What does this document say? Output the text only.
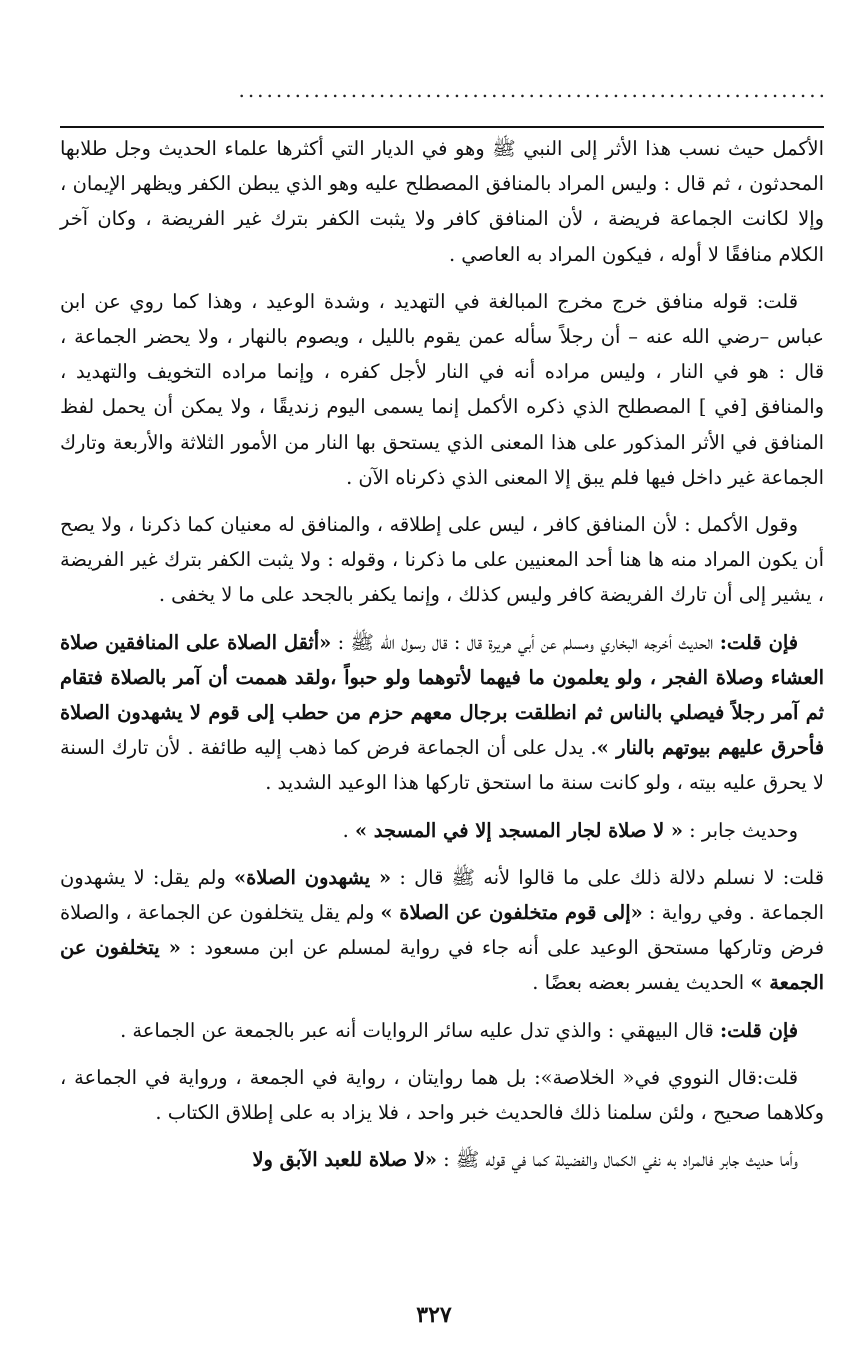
...............................................................

الأكمل حيث نسب هذا الأثر إلى النبي ﷺ وهو في الديار التي أكثرها علماء الحديث وجل طلابها المحدثون ، ثم قال : وليس المراد بالمنافق المصطلح عليه وهو الذي يبطن الكفر ويظهر الإيمان ، وإلا لكانت الجماعة فريضة ، لأن المنافق كافر ولا يثبت الكفر بترك غير الفريضة ، وكان آخر الكلام منافقًا لا أوله ، فيكون المراد به العاصي .

قلت: قوله منافق خرج مخرج المبالغة في التهديد ، وشدة الوعيد ، وهذا كما روي عن ابن عباس –رضي الله عنه – أن رجلاً سأله عمن يقوم بالليل ، ويصوم بالنهار ، ولا يحضر الجماعة ، قال : هو في النار ، وليس مراده أنه في النار لأجل كفره ، وإنما مراده التخويف والتهديد ، والمنافق [في ] المصطلح الذي ذكره الأكمل إنما يسمى اليوم زنديقًا ، ولا يمكن أن يحمل لفظ المنافق في الأثر المذكور على هذا المعنى الذي يستحق بها النار من الأمور الثلاثة والأربعة وتارك الجماعة غير داخل فيها فلم يبق إلا المعنى الذي ذكرناه الآن .

وقول الأكمل : لأن المنافق كافر ، ليس على إطلاقه ، والمنافق له معنيان كما ذكرنا ، ولا يصح أن يكون المراد منه ها هنا أحد المعنيين على ما ذكرنا ، وقوله : ولا يثبت الكفر بترك غير الفريضة ، يشير إلى أن تارك الفريضة كافر وليس كذلك ، وإنما يكفر بالجحد على ما لا يخفى .

فإن قلت: الحديث أخرجه البخاري ومسلم عن أبي هريرة قال : قال رسول الله ﷺ : «أثقل الصلاة على المنافقين صلاة العشاء وصلاة الفجر ، ولو يعلمون ما فيهما لأتوهما ولو حبواً ،ولقد هممت أن آمر بالصلاة فتقام ثم آمر رجلاً فيصلي بالناس ثم انطلقت برجال معهم حزم من حطب إلى قوم لا يشهدون الصلاة فأحرق عليهم بيوتهم بالنار ». يدل على أن الجماعة فرض كما ذهب إليه طائفة . لأن تارك السنة لا يحرق عليه بيته ، ولو كانت سنة ما استحق تاركها هذا الوعيد الشديد .

وحديث جابر : « لا صلاة لجار المسجد إلا في المسجد » .

قلت: لا نسلم دلالة ذلك على ما قالوا لأنه ﷺ قال : « يشهدون الصلاة» ولم يقل: لا يشهدون الجماعة . وفي رواية : «إلى قوم متخلفون عن الصلاة » ولم يقل يتخلفون عن الجماعة ، والصلاة فرض وتاركها مستحق الوعيد على أنه جاء في رواية لمسلم عن ابن مسعود : « يتخلفون عن الجمعة » الحديث يفسر بعضه بعضًا .

فإن قلت: قال البيهقي : والذي تدل عليه سائر الروايات أنه عبر بالجمعة عن الجماعة .

قلت:قال النووي في« الخلاصة»: بل هما روايتان ، رواية في الجمعة ، ورواية في الجماعة ، وكلاهما صحيح ، ولئن سلمنا ذلك فالحديث خبر واحد ، فلا يزاد به على إطلاق الكتاب .

وأما حديث جابر فالمراد به نفي الكمال والفضيلة كما في قوله ﷺ : «لا صلاة للعبد الآبق ولا

٣٢٧
